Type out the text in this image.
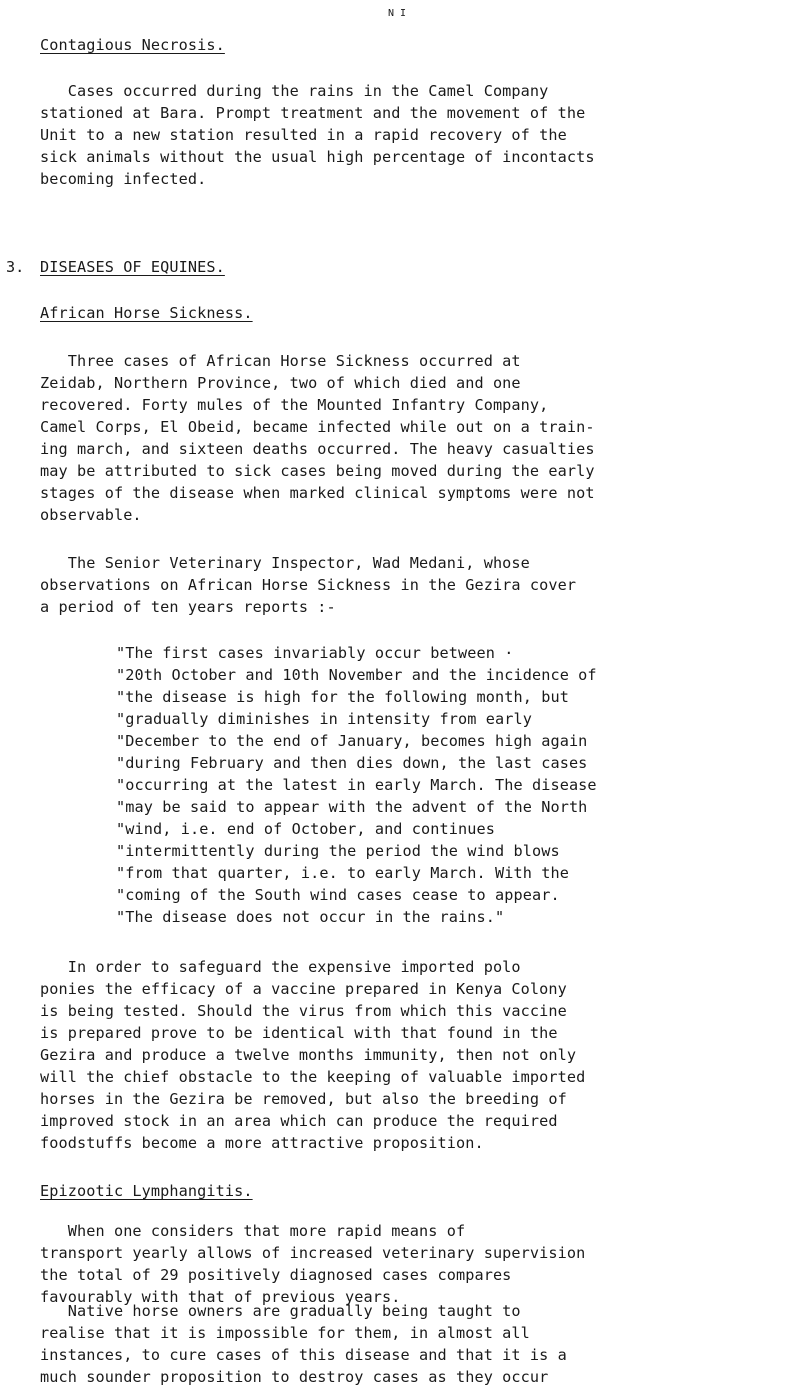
N I
Contagious Necrosis.
Cases occurred during the rains in the Camel Company
stationed at Bara. Prompt treatment and the movement of the
Unit to a new station resulted in a rapid recovery of the
sick animals without the usual high percentage of incontacts
becoming infected.
3. DISEASES OF EQUINES.
African Horse Sickness.
Three cases of African Horse Sickness occurred at
Zeidab, Northern Province, two of which died and one
recovered. Forty mules of the Mounted Infantry Company,
Camel Corps, El Obeid, became infected while out on a train-
ing march, and sixteen deaths occurred. The heavy casualties
may be attributed to sick cases being moved during the early
stages of the disease when marked clinical symptoms were not
observable.
The Senior Veterinary Inspector, Wad Medani, whose
observations on African Horse Sickness in the Gezira cover
a period of ten years reports :-
"The first cases invariably occur between ·
"20th October and 10th November and the incidence of
"the disease is high for the following month, but
"gradually diminishes in intensity from early
"December to the end of January, becomes high again
"during February and then dies down, the last cases
"occurring at the latest in early March. The disease
"may be said to appear with the advent of the North
"wind, i.e. end of October, and continues
"intermittently during the period the wind blows
"from that quarter, i.e. to early March. With the
"coming of the South wind cases cease to appear.
"The disease does not occur in the rains."
In order to safeguard the expensive imported polo
ponies the efficacy of a vaccine prepared in Kenya Colony
is being tested. Should the virus from which this vaccine
is prepared prove to be identical with that found in the
Gezira and produce a twelve months immunity, then not only
will the chief obstacle to the keeping of valuable imported
horses in the Gezira be removed, but also the breeding of
improved stock in an area which can produce the required
foodstuffs become a more attractive proposition.
Epizootic Lymphangitis.
When one considers that more rapid means of
transport yearly allows of increased veterinary supervision
the total of 29 positively diagnosed cases compares
favourably with that of previous years.
Native horse owners are gradually being taught to
realise that it is impossible for them, in almost all
instances, to cure cases of this disease and that it is a
much sounder proposition to destroy cases as they occur
